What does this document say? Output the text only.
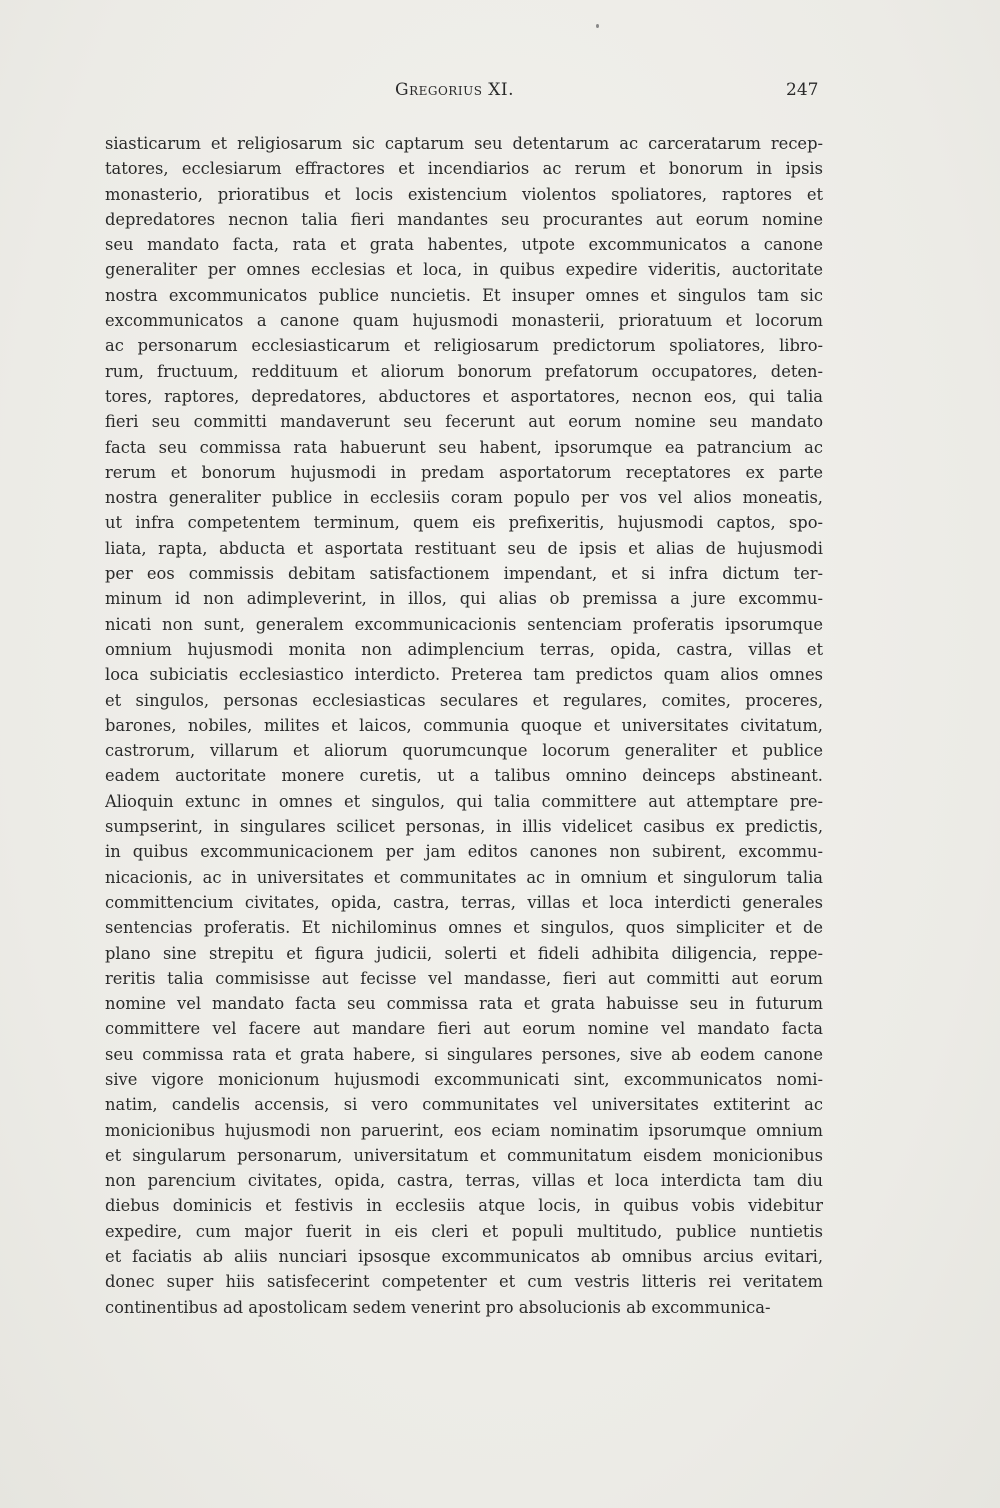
Gregorius XI.	247
siasticarum et religiosarum sic captarum seu detentarum ac carceratarum recep-
tatores, ecclesiarum effractores et incendiarios ac rerum et bonorum in ipsis
monasterio, prioratibus et locis existencium violentos spoliatores, raptores et
depredatores necnon talia fieri mandantes seu procurantes aut eorum nomine
seu mandato facta, rata et grata habentes, utpote excommunicatos a canone
generaliter per omnes ecclesias et loca, in quibus expedire videritis, auctoritate
nostra excommunicatos publice nuncietis. Et insuper omnes et singulos tam sic
excommunicatos a canone quam hujusmodi monasterii, prioratuum et locorum
ac personarum ecclesiasticarum et religiosarum predictorum spoliatores, libro-
rum, fructuum, reddituum et aliorum bonorum prefatorum occupatores, deten-
tores, raptores, depredatores, abductores et asportatores, necnon eos, qui talia
fieri seu committi mandaverunt seu fecerunt aut eorum nomine seu mandato
facta seu commissa rata habuerunt seu habent, ipsorumque ea patrancium ac
rerum et bonorum hujusmodi in predam asportatorum receptatores ex parte
nostra generaliter publice in ecclesiis coram populo per vos vel alios moneatis,
ut infra competentem terminum, quem eis prefixeritis, hujusmodi captos, spo-
liata, rapta, abducta et asportata restituant seu de ipsis et alias de hujusmodi
per eos commissis debitam satisfactionem impendant, et si infra dictum ter-
minum id non adimpleverint, in illos, qui alias ob premissa a jure excommu-
nicati non sunt, generalem excommunicacionis sentenciam proferatis ipsorumque
omnium hujusmodi monita non adimplencium terras, opida, castra, villas et
loca subiciatis ecclesiastico interdicto. Preterea tam predictos quam alios omnes
et singulos, personas ecclesiasticas seculares et regulares, comites, proceres,
barones, nobiles, milites et laicos, communia quoque et universitates civitatum,
castrorum, villarum et aliorum quorumcunque locorum generaliter et publice
eadem auctoritate monere curetis, ut a talibus omnino deinceps abstineant.
Alioquin extunc in omnes et singulos, qui talia committere aut attemptare pre-
sumpserint, in singulares scilicet personas, in illis videlicet casibus ex predictis,
in quibus excommunicacionem per jam editos canones non subirent, excommu-
nicacionis, ac in universitates et communitates ac in omnium et singulorum talia
committencium civitates, opida, castra, terras, villas et loca interdicti generales
sentencias proferatis. Et nichilominus omnes et singulos, quos simpliciter et de
plano sine strepitu et figura judicii, solerti et fideli adhibita diligencia, reppe-
reritis talia commisisse aut fecisse vel mandasse, fieri aut committi aut eorum
nomine vel mandato facta seu commissa rata et grata habuisse seu in futurum
committere vel facere aut mandare fieri aut eorum nomine vel mandato facta
seu commissa rata et grata habere, si singulares persones, sive ab eodem canone
sive vigore monicionum hujusmodi excommunicati sint, excommunicatos nomi-
natim, candelis accensis, si vero communitates vel universitates extiterint ac
monicionibus hujusmodi non paruerint, eos eciam nominatim ipsorumque omnium
et singularum personarum, universitatum et communitatum eisdem monicionibus
non parencium civitates, opida, castra, terras, villas et loca interdicta tam diu
diebus dominicis et festivis in ecclesiis atque locis, in quibus vobis videbitur
expedire, cum major fuerit in eis cleri et populi multitudo, publice nuntietis
et faciatis ab aliis nunciari ipsosque excommunicatos ab omnibus arcius evitari,
donec super hiis satisfecerint competenter et cum vestris litteris rei veritatem
continentibus ad apostolicam sedem venerint pro absolucionis ab excommunica-
